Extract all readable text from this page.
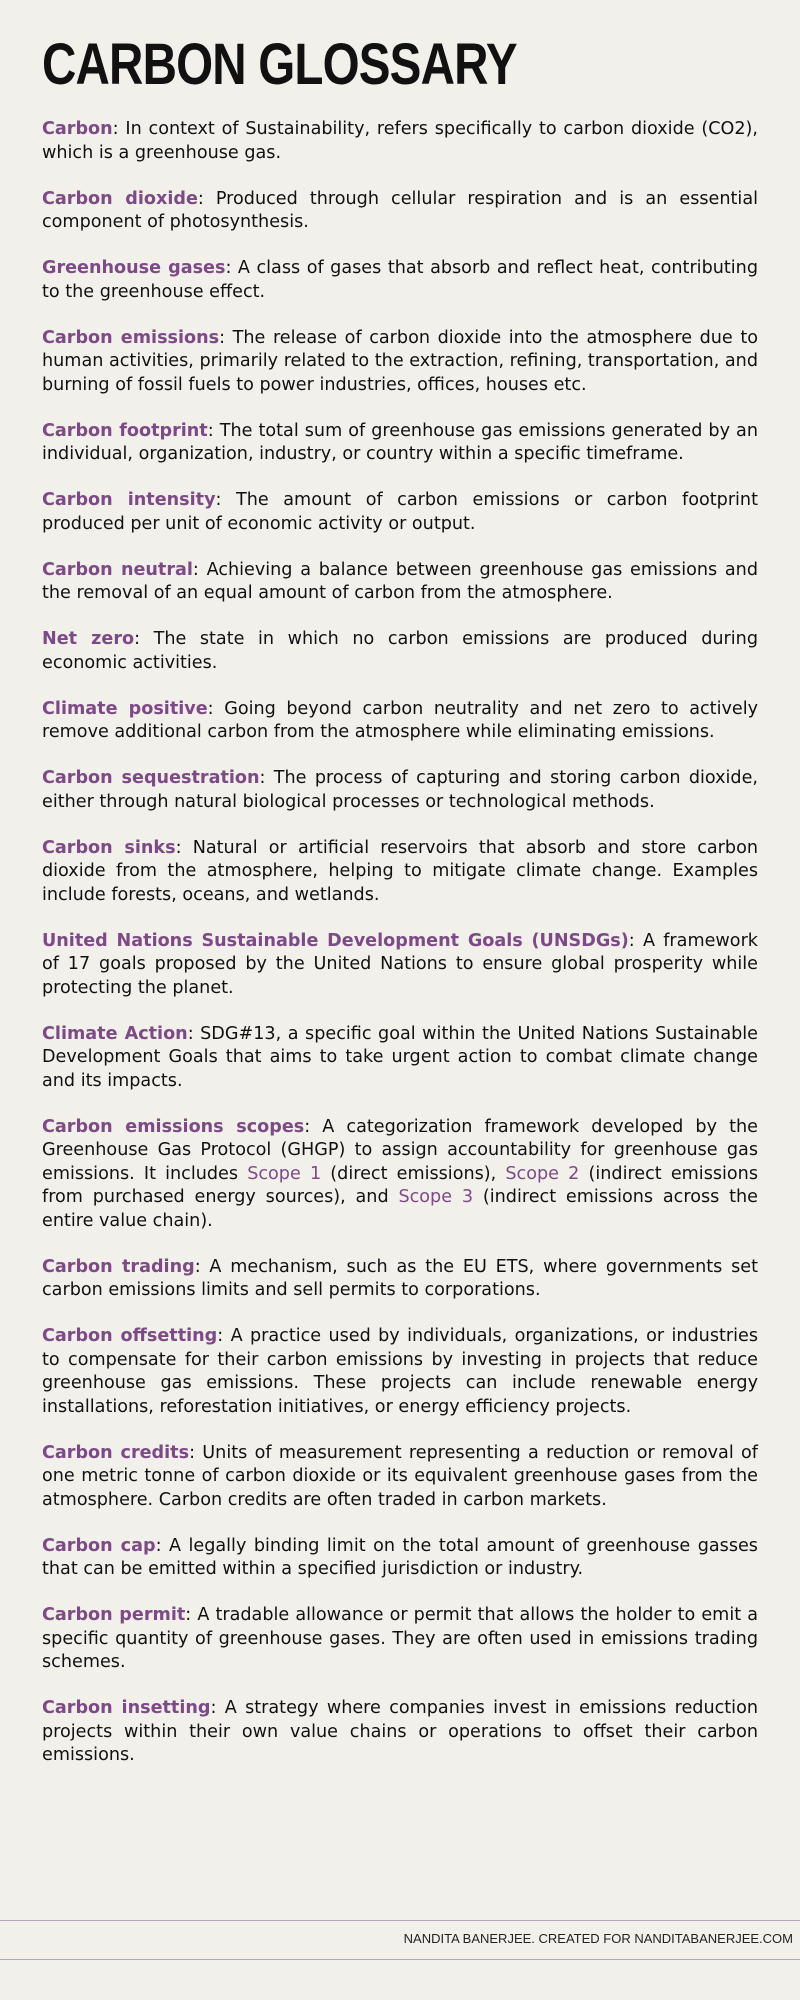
CARBON GLOSSARY

Carbon: In context of Sustainability, refers specifically to carbon dioxide (CO2), which is a greenhouse gas.

Carbon dioxide: Produced through cellular respiration and is an essential component of photosynthesis.

Greenhouse gases: A class of gases that absorb and reflect heat, contributing to the greenhouse effect.

Carbon emissions: The release of carbon dioxide into the atmosphere due to human activities, primarily related to the extraction, refining, transportation, and burning of fossil fuels to power industries, offices, houses etc.

Carbon footprint: The total sum of greenhouse gas emissions generated by an individual, organization, industry, or country within a specific timeframe.

Carbon intensity: The amount of carbon emissions or carbon footprint produced per unit of economic activity or output.

Carbon neutral: Achieving a balance between greenhouse gas emissions and the removal of an equal amount of carbon from the atmosphere.

Net zero: The state in which no carbon emissions are produced during economic activities.

Climate positive: Going beyond carbon neutrality and net zero to actively remove additional carbon from the atmosphere while eliminating emissions.

Carbon sequestration: The process of capturing and storing carbon dioxide, either through natural biological processes or technological methods.

Carbon sinks: Natural or artificial reservoirs that absorb and store carbon dioxide from the atmosphere, helping to mitigate climate change. Examples include forests, oceans, and wetlands.

United Nations Sustainable Development Goals (UNSDGs): A framework of 17 goals proposed by the United Nations to ensure global prosperity while protecting the planet.

Climate Action: SDG#13, a specific goal within the United Nations Sustainable Development Goals that aims to take urgent action to combat climate change and its impacts.

Carbon emissions scopes: A categorization framework developed by the Greenhouse Gas Protocol (GHGP) to assign accountability for greenhouse gas emissions. It includes Scope 1 (direct emissions), Scope 2 (indirect emissions from purchased energy sources), and Scope 3 (indirect emissions across the entire value chain).

Carbon trading: A mechanism, such as the EU ETS, where governments set carbon emissions limits and sell permits to corporations.

Carbon offsetting: A practice used by individuals, organizations, or industries to compensate for their carbon emissions by investing in projects that reduce greenhouse gas emissions. These projects can include renewable energy installations, reforestation initiatives, or energy efficiency projects.

Carbon credits: Units of measurement representing a reduction or removal of one metric tonne of carbon dioxide or its equivalent greenhouse gases from the atmosphere. Carbon credits are often traded in carbon markets.

Carbon cap: A legally binding limit on the total amount of greenhouse gasses that can be emitted within a specified jurisdiction or industry.

Carbon permit: A tradable allowance or permit that allows the holder to emit a specific quantity of greenhouse gases. They are often used in emissions trading schemes.

Carbon insetting: A strategy where companies invest in emissions reduction projects within their own value chains or operations to offset their carbon emissions.

NANDITA BANERJEE. CREATED FOR NANDITABANERJEE.COM
